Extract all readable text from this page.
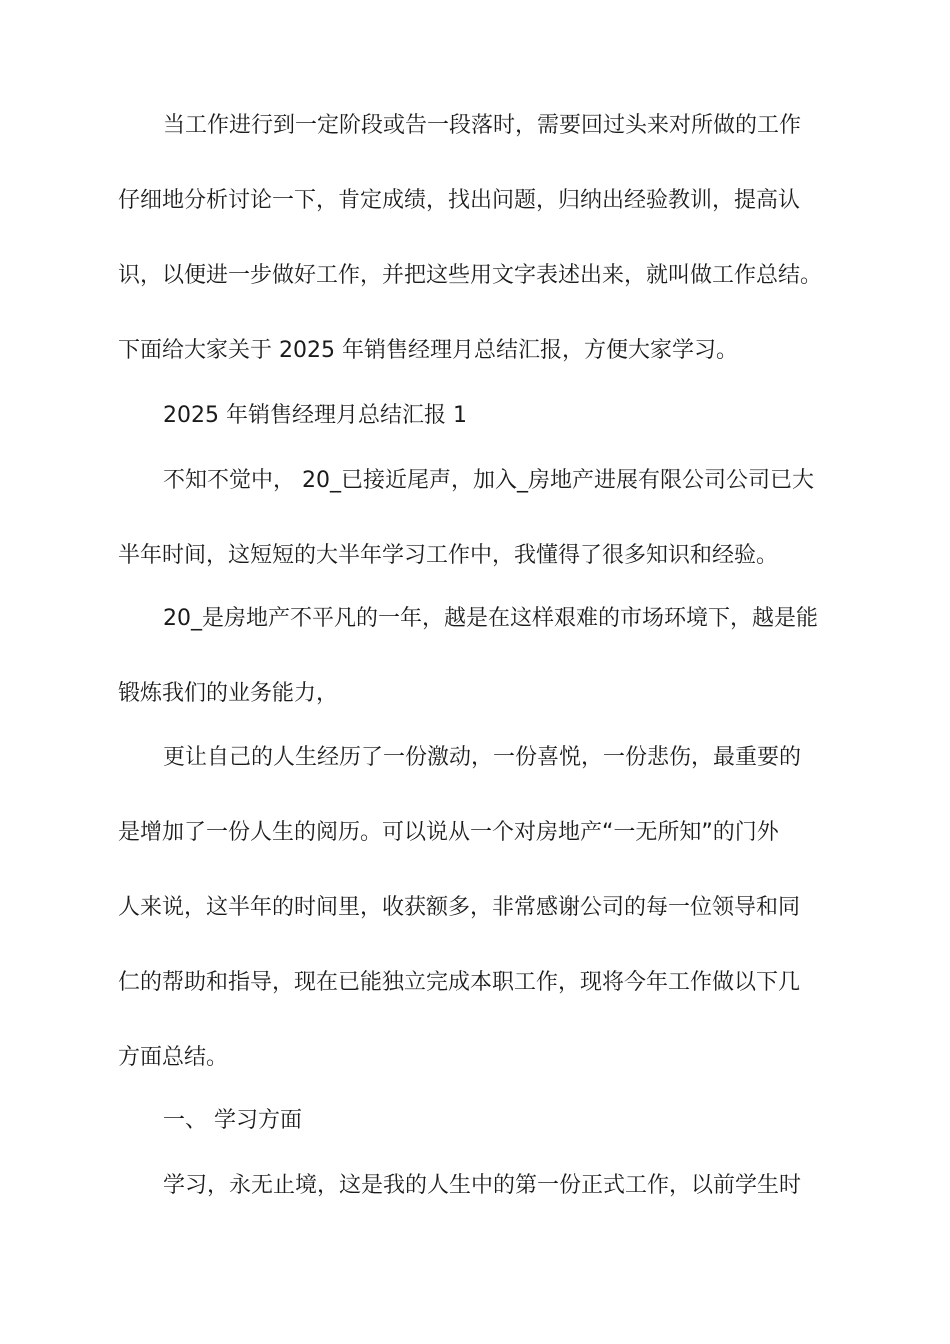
当工作进行到一定阶段或告一段落时，需要回过头来对所做的工作
仔细地分析讨论一下，肯定成绩，找出问题，归纳出经验教训，提高认
识，以便进一步做好工作，并把这些用文字表述出来，就叫做工作总结。
下面给大家关于 2025 年销售经理月总结汇报，方便大家学习。
2025 年销售经理月总结汇报 1
不知不觉中， 20_已接近尾声，加入_房地产进展有限公司公司已大
半年时间，这短短的大半年学习工作中，我懂得了很多知识和经验。
20_是房地产不平凡的一年，越是在这样艰难的市场环境下，越是能
锻炼我们的业务能力，
更让自己的人生经历了一份激动，一份喜悦，一份悲伤，最重要的
是增加了一份人生的阅历。可以说从一个对房地产“一无所知”的门外
人来说，这半年的时间里，收获额多，非常感谢公司的每一位领导和同
仁的帮助和指导，现在已能独立完成本职工作，现将今年工作做以下几
方面总结。
一、 学习方面
学习，永无止境，这是我的人生中的第一份正式工作，以前学生时
